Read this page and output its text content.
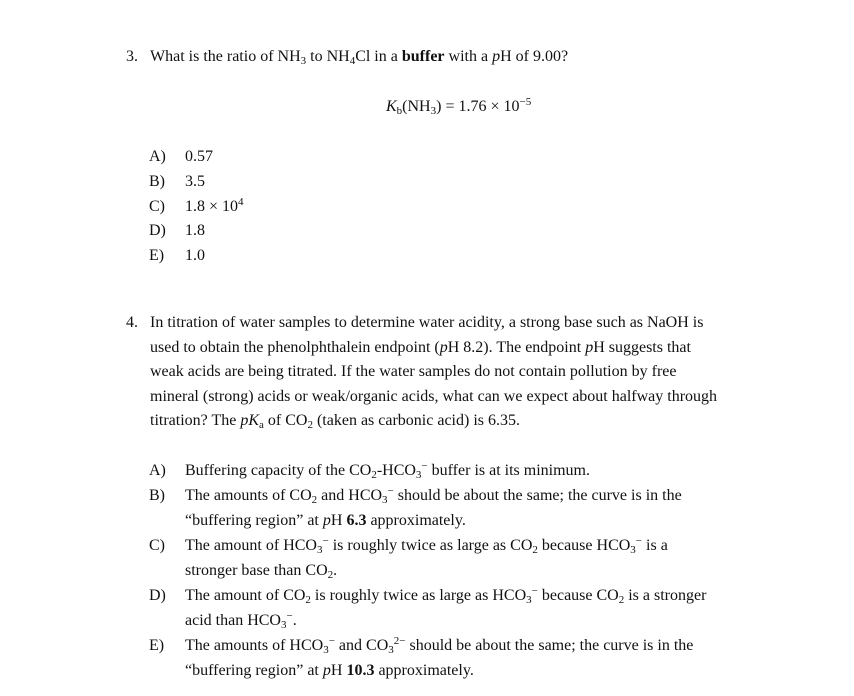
3. What is the ratio of $NH_3$ to $NH_4Cl$ in a buffer with a pH of 9.00?
$K_b(NH_3) = 1.76 \times 10^{-5}$
A) 0.57
B) 3.5
C) $1.8 \times 10^4$
D) 1.8
E) 1.0
4. In titration of water samples to determine water acidity, a strong base such as NaOH is
used to obtain the phenolphthalein endpoint (pH 8.2). The endpoint pH suggests that
weak acids are being titrated. If the water samples do not contain pollution by free
mineral (strong) acids or weak/organic acids, what can we expect about halfway through
titration? The $pK_a$ of $CO_2$ (taken as carbonic acid) is 6.35.
A) Buffering capacity of the $CO_2-HCO_3^-$ buffer is at its minimum.
B) The amounts of $CO_2$ and $HCO_3^-$ should be about the same; the curve is in the
“buffering region” at pH 6.3 approximately.
C) The amount of $HCO_3^-$ is roughly twice as large as $CO_2$ because $HCO_3^-$ is a
stronger base than $CO_2$.
D) The amount of $CO_2$ is roughly twice as large as $HCO_3^-$ because $CO_2$ is a stronger
acid than $HCO_3^-$.
E) The amounts of $HCO_3^-$ and $CO_3^{2-}$ should be about the same; the curve is in the
“buffering region” at pH 10.3 approximately.
